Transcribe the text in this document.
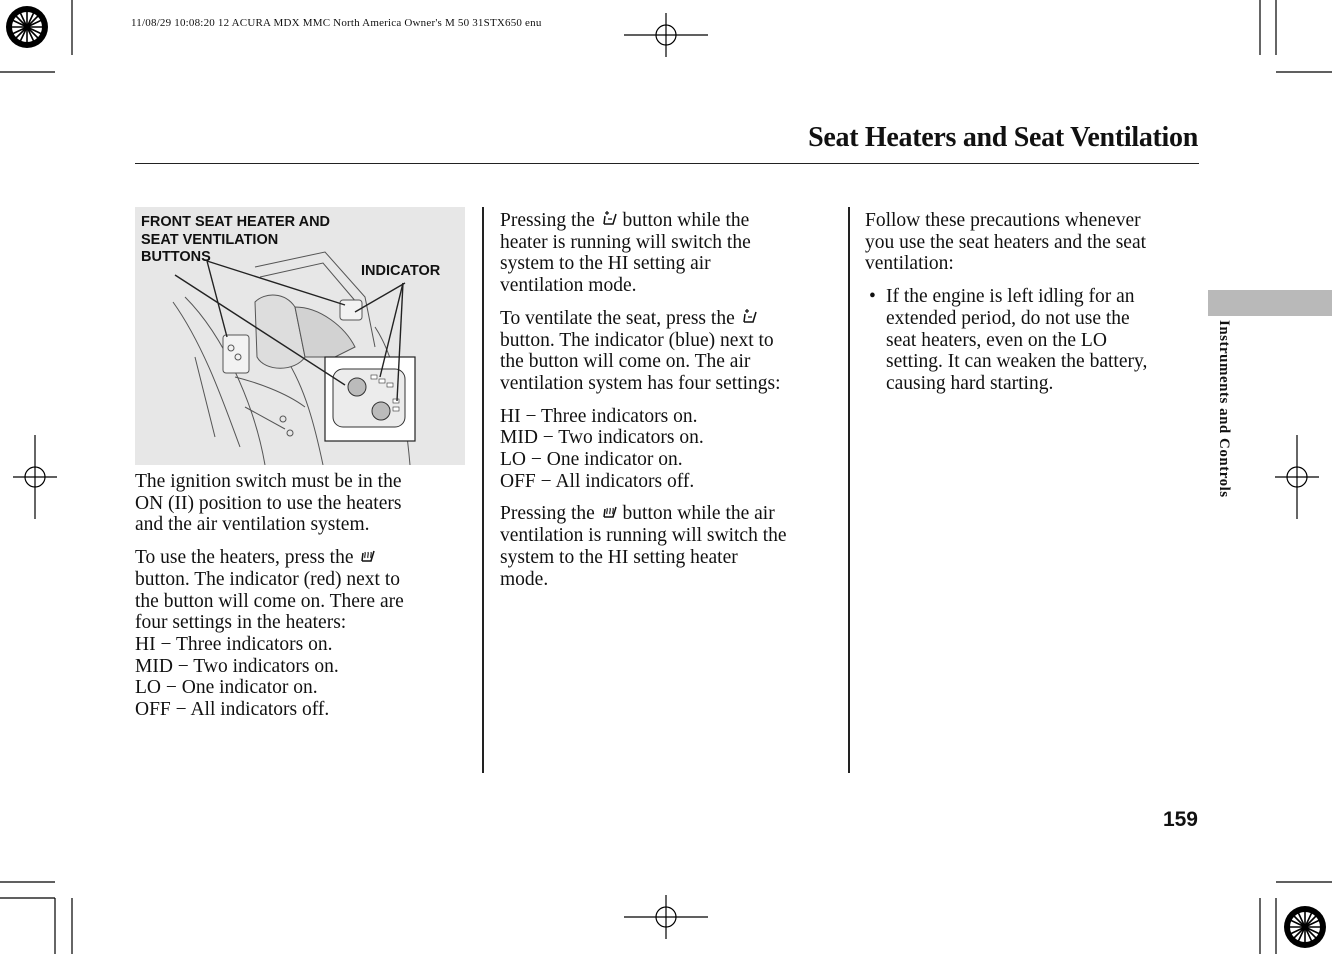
11/08/29 10:08:20 12 ACURA MDX MMC North America Owner's M 50 31STX650 enu
Seat Heaters and Seat Ventilation
FRONT SEAT HEATER AND
SEAT VENTILATION
BUTTONS
INDICATOR

The ignition switch must be in the
ON (II) position to use the heaters
and the air ventilation system.

To use the heaters, press the
button. The indicator (red) next to
the button will come on. There are
four settings in the heaters:
HI − Three indicators on.
MID − Two indicators on.
LO − One indicator on.
OFF − All indicators off.

Pressing the button while the
heater is running will switch the
system to the HI setting air
ventilation mode.

To ventilate the seat, press the
button. The indicator (blue) next to
the button will come on. The air
ventilation system has four settings:

HI − Three indicators on.
MID − Two indicators on.
LO − One indicator on.
OFF − All indicators off.

Pressing the button while the air
ventilation is running will switch the
system to the HI setting heater
mode.

Follow these precautions whenever
you use the seat heaters and the seat
ventilation:

• If the engine is left idling for an
extended period, do not use the
seat heaters, even on the LO
setting. It can weaken the battery,
causing hard starting.	Instruments and Controls
159
